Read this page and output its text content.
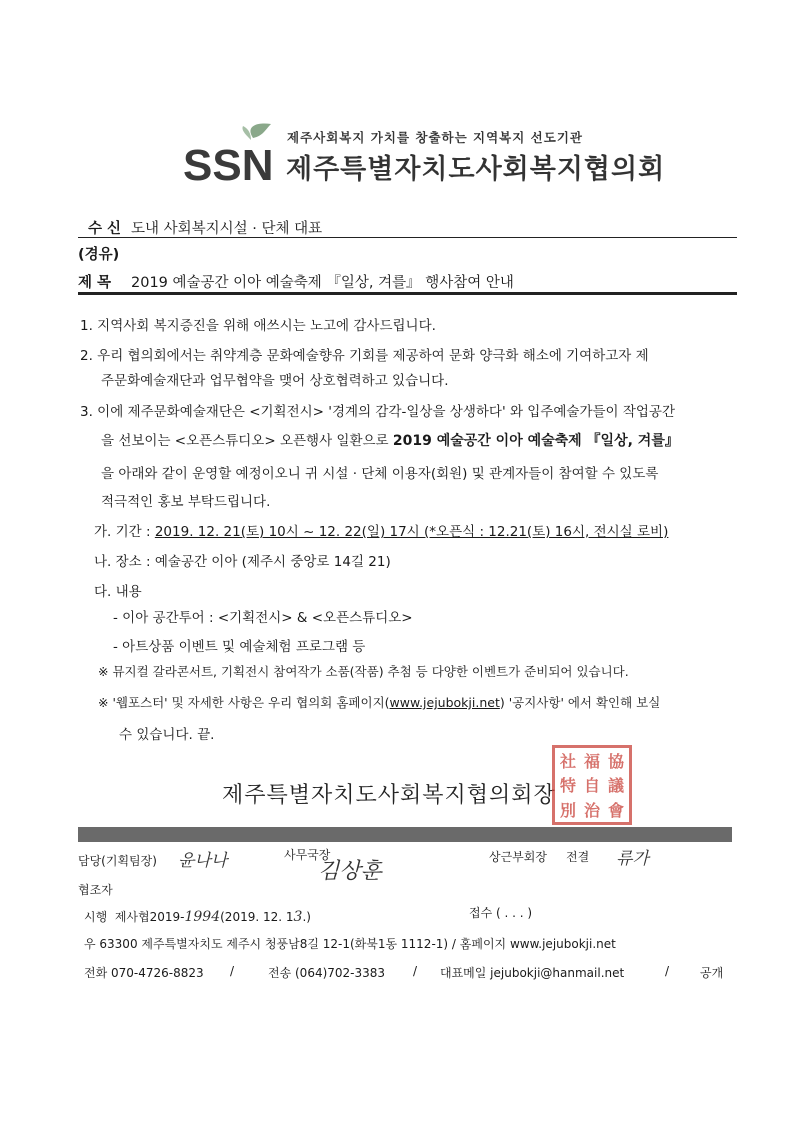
SSN
제주사회복지 가치를 창출하는 지역복지 선도기관
제주특별자치도사회복지협의회
수 신 도내 사회복지시설 · 단체 대표
(경유)
제 목 2019 예술공간 이아 예술축제 『일상, 겨를』 행사참여 안내
1. 지역사회 복지증진을 위해 애쓰시는 노고에 감사드립니다.
2. 우리 협의회에서는 취약계층 문화예술향유 기회를 제공하여 문화 양극화 해소에 기여하고자 제
주문화예술재단과 업무협약을 맺어 상호협력하고 있습니다.
3. 이에 제주문화예술재단은 <기획전시> '경계의 감각-일상을 상생하다' 와 입주예술가들이 작업공간
을 선보이는 <오픈스튜디오> 오픈행사 일환으로 2019 예술공간 이아 예술축제 『일상, 겨를』
을 아래와 같이 운영할 예정이오니 귀 시설 · 단체 이용자(회원) 및 관계자들이 참여할 수 있도록
적극적인 홍보 부탁드립니다.
가. 기간 : 2019. 12. 21(토) 10시 ~ 12. 22(일) 17시 (*오픈식 : 12.21(토) 16시, 전시실 로비)
나. 장소 : 예술공간 이아 (제주시 중앙로 14길 21)
다. 내용
- 이아 공간투어 : <기획전시> & <오픈스튜디오>
- 아트상품 이벤트 및 예술체험 프로그램 등
※ 뮤지컬 갈라콘서트, 기획전시 참여작가 소품(작품) 추첨 등 다양한 이벤트가 준비되어 있습니다.
※ '웹포스터' 및 자세한 사항은 우리 협의회 홈페이지(www.jejubokji.net) '공지사항' 에서 확인해 보실
수 있습니다. 끝.
제주특별자치도사회복지협의회장
社 福 協
特 自 議
別 治 會
담당(기획팀장) 윤나나	사무국장
김상훈
상근부회장 전결 류가
협조자
시행 제사협2019-1994(2019. 12. 13.)	접수 ( . . . )
우 63300 제주특별자치도 제주시 청풍남8길 12-1(화북1동 1112-1) / 홈페이지 www.jejubokji.net
전화 070-4726-8823 /	전송 (064)702-3383 / 대표메일 jejubokji@hanmail.net	/	공개
